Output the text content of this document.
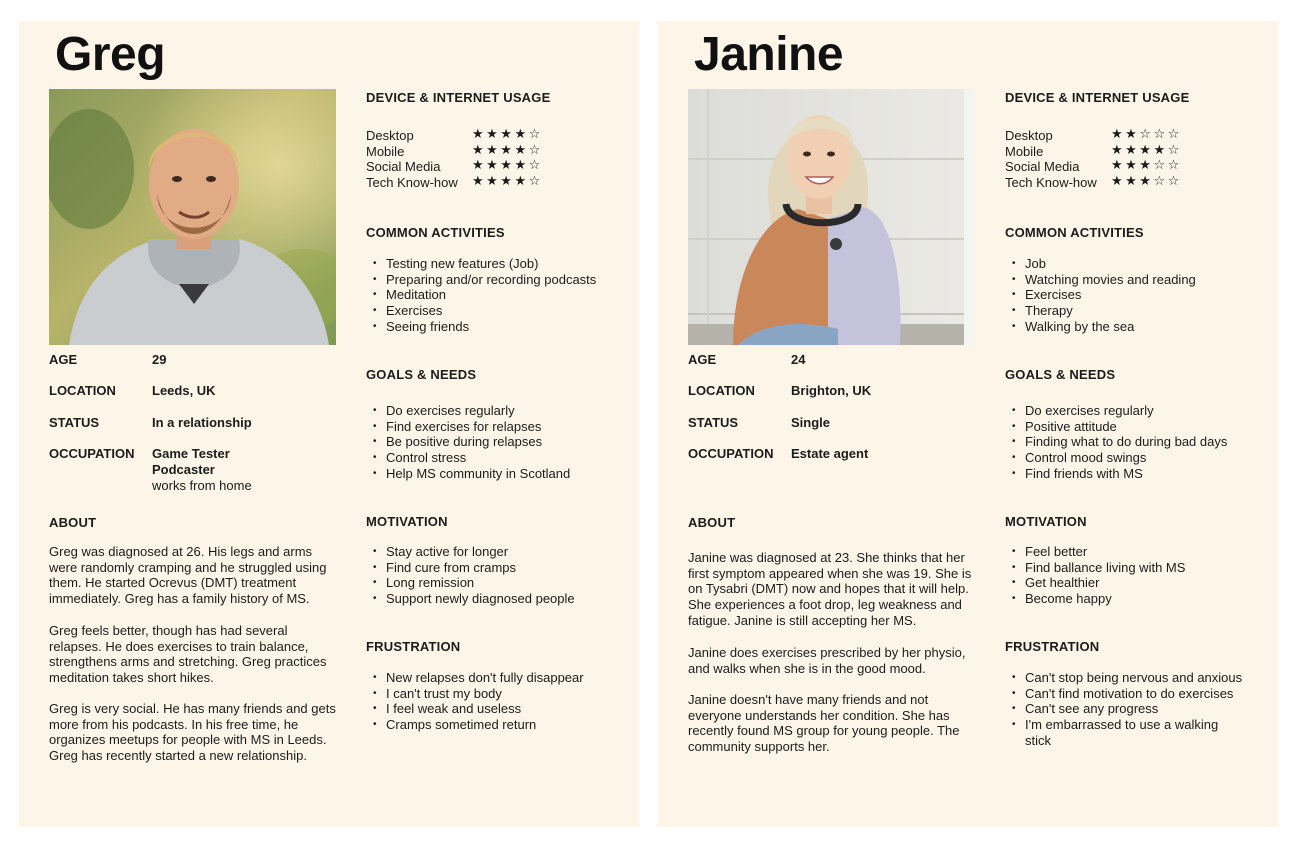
Greg
AGE	29
LOCATION	Leeds, UK
STATUS	In a relationship
OCCUPATION	Game Tester
Podcaster
works from home
ABOUT

Greg was diagnosed at 26. His legs and arms were randomly cramping and he struggled using them. He started Ocrevus (DMT) treatment immediately. Greg has a family history of MS.

Greg feels better, though has had several relapses. He does exercises to train balance, strengthens arms and stretching. Greg practices meditation takes short hikes.

Greg is very social. He has many friends and gets more from his podcasts. In his free time, he organizes meetups for people with MS in Leeds. Greg has recently started a new relationship.

DEVICE & INTERNET USAGE
Desktop	★★★★☆
Mobile	★★★★☆
Social Media ★★★★☆
Tech Know-how ★★★★☆
COMMON ACTIVITIES
• Testing new features (Job)
• Preparing and/or recording podcasts
• Meditation
• Exercises
• Seeing friends
GOALS & NEEDS
• Do exercises regularly
• Find exercises for relapses
• Be positive during relapses
• Control stress
• Help MS community in Scotland
MOTIVATION
• Stay active for longer
• Find cure from cramps
• Long remission
• Support newly diagnosed people
FRUSTRATION
• New relapses don't fully disappear
• I can't trust my body
• I feel weak and useless
• Cramps sometimed return
Janine
AGE	24
LOCATION	Brighton, UK
STATUS	Single
OCCUPATION	Estate agent
ABOUT

Janine was diagnosed at 23. She thinks that her first symptom appeared when she was 19. She is on Tysabri (DMT) now and hopes that it will help. She experiences a foot drop, leg weakness and fatigue. Janine is still accepting her MS.

Janine does exercises prescribed by her physio, and walks when she is in the good mood.

Janine doesn't have many friends and not everyone understands her condition. She has recently found MS group for young people. The community supports her.

DEVICE & INTERNET USAGE
Desktop	★★☆☆☆
Mobile	★★★★☆
Social Media ★★★☆☆
Tech Know-how ★★★☆☆
COMMON ACTIVITIES
• Job
• Watching movies and reading
• Exercises
• Therapy
• Walking by the sea
GOALS & NEEDS
• Do exercises regularly
• Positive attitude
• Finding what to do during bad days
• Control mood swings
• Find friends with MS
MOTIVATION
• Feel better
• Find ballance living with MS
• Get healthier
• Become happy
FRUSTRATION
• Can't stop being nervous and anxious
• Can't find motivation to do exercises
• Can't see any progress
• I'm embarrassed to use a walking stick
